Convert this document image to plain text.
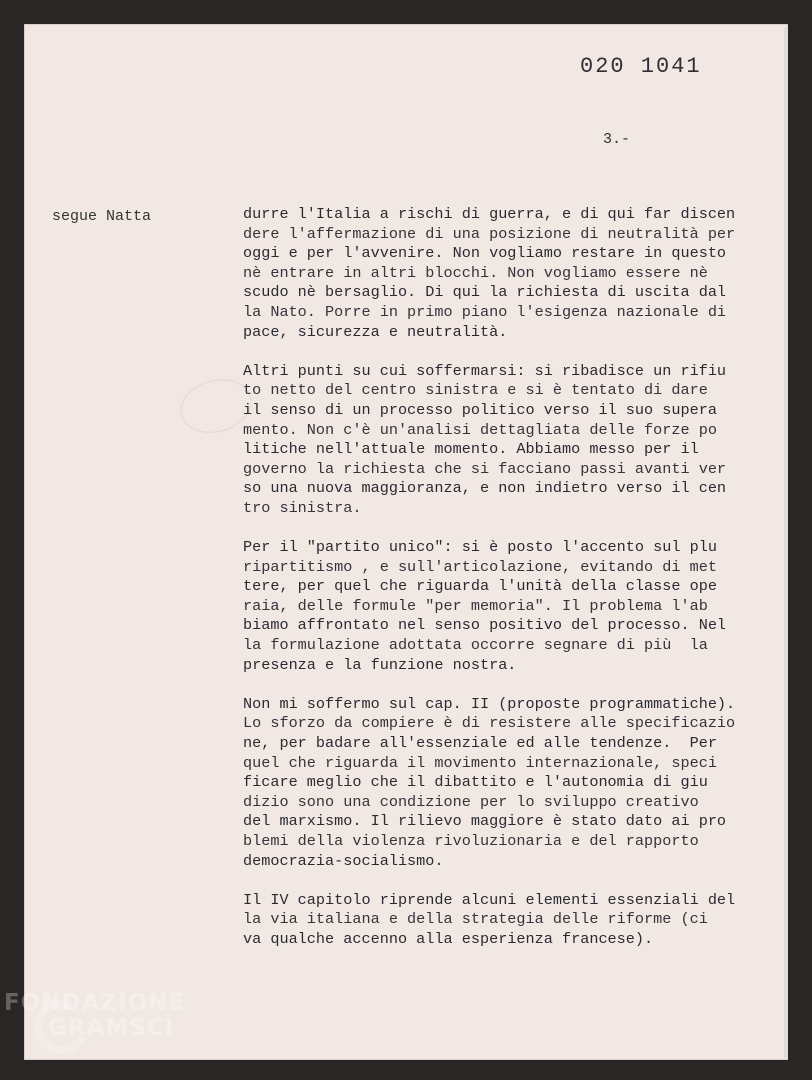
020 1041
3.-
segue Natta	durre l'Italia a rischi di guerra, e di qui far discen
dere l'affermazione di una posizione di neutralità per
oggi e per l'avvenire. Non vogliamo restare in questo
nè entrare in altri blocchi. Non vogliamo essere nè
scudo nè bersaglio. Di qui la richiesta di uscita dal
la Nato. Porre in primo piano l'esigenza nazionale di
pace, sicurezza e neutralità.
Altri punti su cui soffermarsi: si ribadisce un rifiu
to netto del centro sinistra e si è tentato di dare
il senso di un processo politico verso il suo supera
mento. Non c'è un'analisi dettagliata delle forze po
litiche nell'attuale momento. Abbiamo messo per il
governo la richiesta che si facciano passi avanti ver
so una nuova maggioranza, e non indietro verso il cen
tro sinistra.
Per il "partito unico": si è posto l'accento sul plu
ripartitismo , e sull'articolazione, evitando di met
tere, per quel che riguarda l'unità della classe ope
raia, delle formule "per memoria". Il problema l'ab
biamo affrontato nel senso positivo del processo. Nel
la formulazione adottata occorre segnare di più  la
presenza e la funzione nostra.
Non mi soffermo sul cap. II (proposte programmatiche).
Lo sforzo da compiere è di resistere alle specificazio
ne, per badare all'essenziale ed alle tendenze.  Per
quel che riguarda il movimento internazionale, speci
ficare meglio che il dibattito e l'autonomia di giu
dizio sono una condizione per lo sviluppo creativo
del marxismo. Il rilievo maggiore è stato dato ai pro
blemi della violenza rivoluzionaria e del rapporto
democrazia-socialismo.
Il IV capitolo riprende alcuni elementi essenziali del
la via italiana e della strategia delle riforme (ci
va qualche accenno alla esperienza francese).
FONDAZIONE
GRAMSCI
